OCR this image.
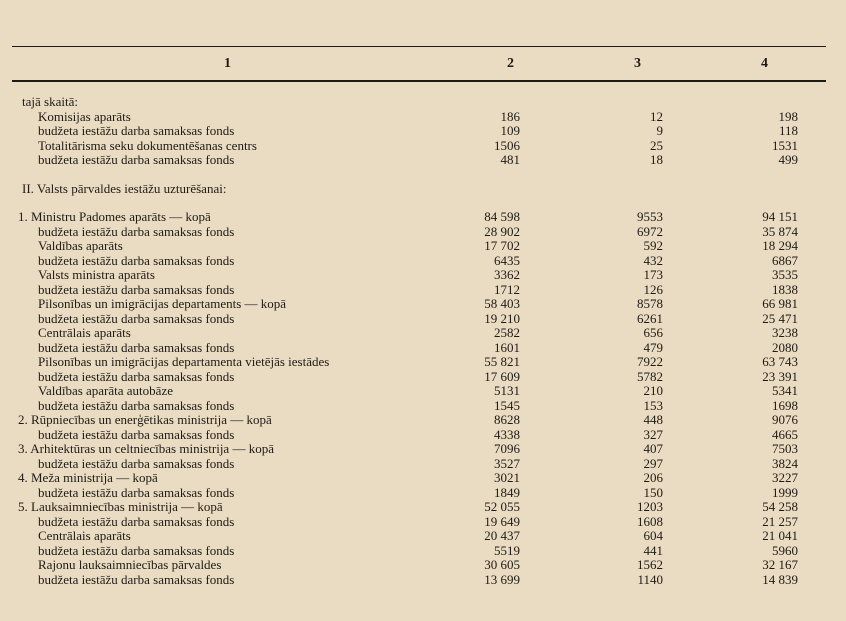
1	2	3	4
tajā skaitā:
Komisijas aparāts	186	12	198
budžeta iestāžu darba samaksas fonds	109	9	118
Totalitārisma seku dokumentēšanas centrs	1506	25	1531
budžeta iestāžu darba samaksas fonds	481	18	499
II. Valsts pārvaldes iestāžu uzturēšanai:
1. Ministru Padomes aparāts — kopā	84 598	9553	94 151
budžeta iestāžu darba samaksas fonds	28 902	6972	35 874
Valdības aparāts	17 702	592	18 294
budžeta iestāžu darba samaksas fonds	6435	432	6867
Valsts ministra aparāts	3362	173	3535
budžeta iestāžu darba samaksas fonds	1712	126	1838
Pilsonības un imigrācijas departaments — kopā	58 403	8578	66 981
budžeta iestāžu darba samaksas fonds	19 210	6261	25 471
Centrālais aparāts	2582	656	3238
budžeta iestāžu darba samaksas fonds	1601	479	2080
Pilsonības un imigrācijas departamenta vietējās iestādes	55 821	7922	63 743
budžeta iestāžu darba samaksas fonds	17 609	5782	23 391
Valdības aparāta autobāze	5131	210	5341
budžeta iestāžu darba samaksas fonds	1545	153	1698
2. Rūpniecības un enerģētikas ministrija — kopā	8628	448	9076
budžeta iestāžu darba samaksas fonds	4338	327	4665
3. Arhitektūras un celtniecības ministrija — kopā	7096	407	7503
budžeta iestāžu darba samaksas fonds	3527	297	3824
4. Meža ministrija — kopā	3021	206	3227
budžeta iestāžu darba samaksas fonds	1849	150	1999
5. Lauksaimniecības ministrija — kopā	52 055	1203	54 258
budžeta iestāžu darba samaksas fonds	19 649	1608	21 257
Centrālais aparāts	20 437	604	21 041
budžeta iestāžu darba samaksas fonds	5519	441	5960
Rajonu lauksaimniecības pārvaldes	30 605	1562	32 167
budžeta iestāžu darba samaksas fonds	13 699	1140	14 839
